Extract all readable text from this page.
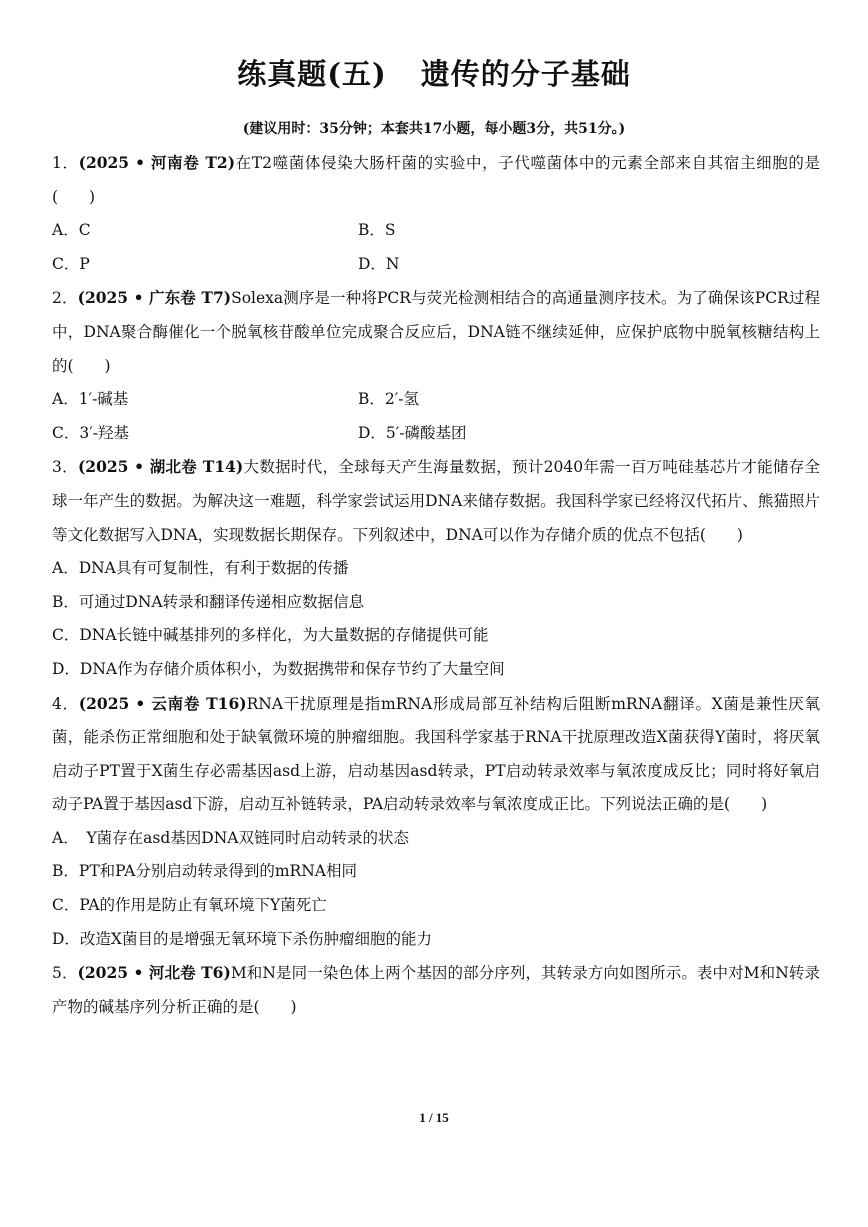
练真题(五) 遗传的分子基础
(建议用时：35分钟；本套共17小题，每小题3分，共51分。)
1．(2025 • 河南卷 T2)在T2噬菌体侵染大肠杆菌的实验中，子代噬菌体中的元素全部来自其宿主细胞的是(　　)
A．C	B．S
C．P	D．N
2．(2025 • 广东卷 T7)Solexa测序是一种将PCR与荧光检测相结合的高通量测序技术。为了确保该PCR过程中，DNA聚合酶催化一个脱氧核苷酸单位完成聚合反应后，DNA链不继续延伸，应保护底物中脱氧核糖结构上的(　　)
A．1′-碱基	B．2′-氢
C．3′-羟基	D．5′-磷酸基团
3．(2025 • 湖北卷 T14)大数据时代，全球每天产生海量数据，预计2040年需一百万吨硅基芯片才能储存全球一年产生的数据。为解决这一难题，科学家尝试运用DNA来储存数据。我国科学家已经将汉代拓片、熊猫照片等文化数据写入DNA，实现数据长期保存。下列叙述中，DNA可以作为存储介质的优点不包括(　　)
A．DNA具有可复制性，有利于数据的传播
B．可通过DNA转录和翻译传递相应数据信息
C．DNA长链中碱基排列的多样化，为大量数据的存储提供可能
D．DNA作为存储介质体积小，为数据携带和保存节约了大量空间
4．(2025 • 云南卷 T16)RNA干扰原理是指mRNA形成局部互补结构后阻断mRNA翻译。X菌是兼性厌氧菌，能杀伤正常细胞和处于缺氧微环境的肿瘤细胞。我国科学家基于RNA干扰原理改造X菌获得Y菌时，将厌氧启动子PT置于X菌生存必需基因asd上游，启动基因asd转录，PT启动转录效率与氧浓度成反比；同时将好氧启动子PA置于基因asd下游，启动互补链转录，PA启动转录效率与氧浓度成正比。下列说法正确的是(　　)
A．　Y菌存在asd基因DNA双链同时启动转录的状态
B．PT和PA分别启动转录得到的mRNA相同
C．PA的作用是防止有氧环境下Y菌死亡
D．改造X菌目的是增强无氧环境下杀伤肿瘤细胞的能力
5．(2025 • 河北卷 T6)M和N是同一染色体上两个基因的部分序列，其转录方向如图所示。表中对M和N转录产物的碱基序列分析正确的是(　　)
1 / 15
